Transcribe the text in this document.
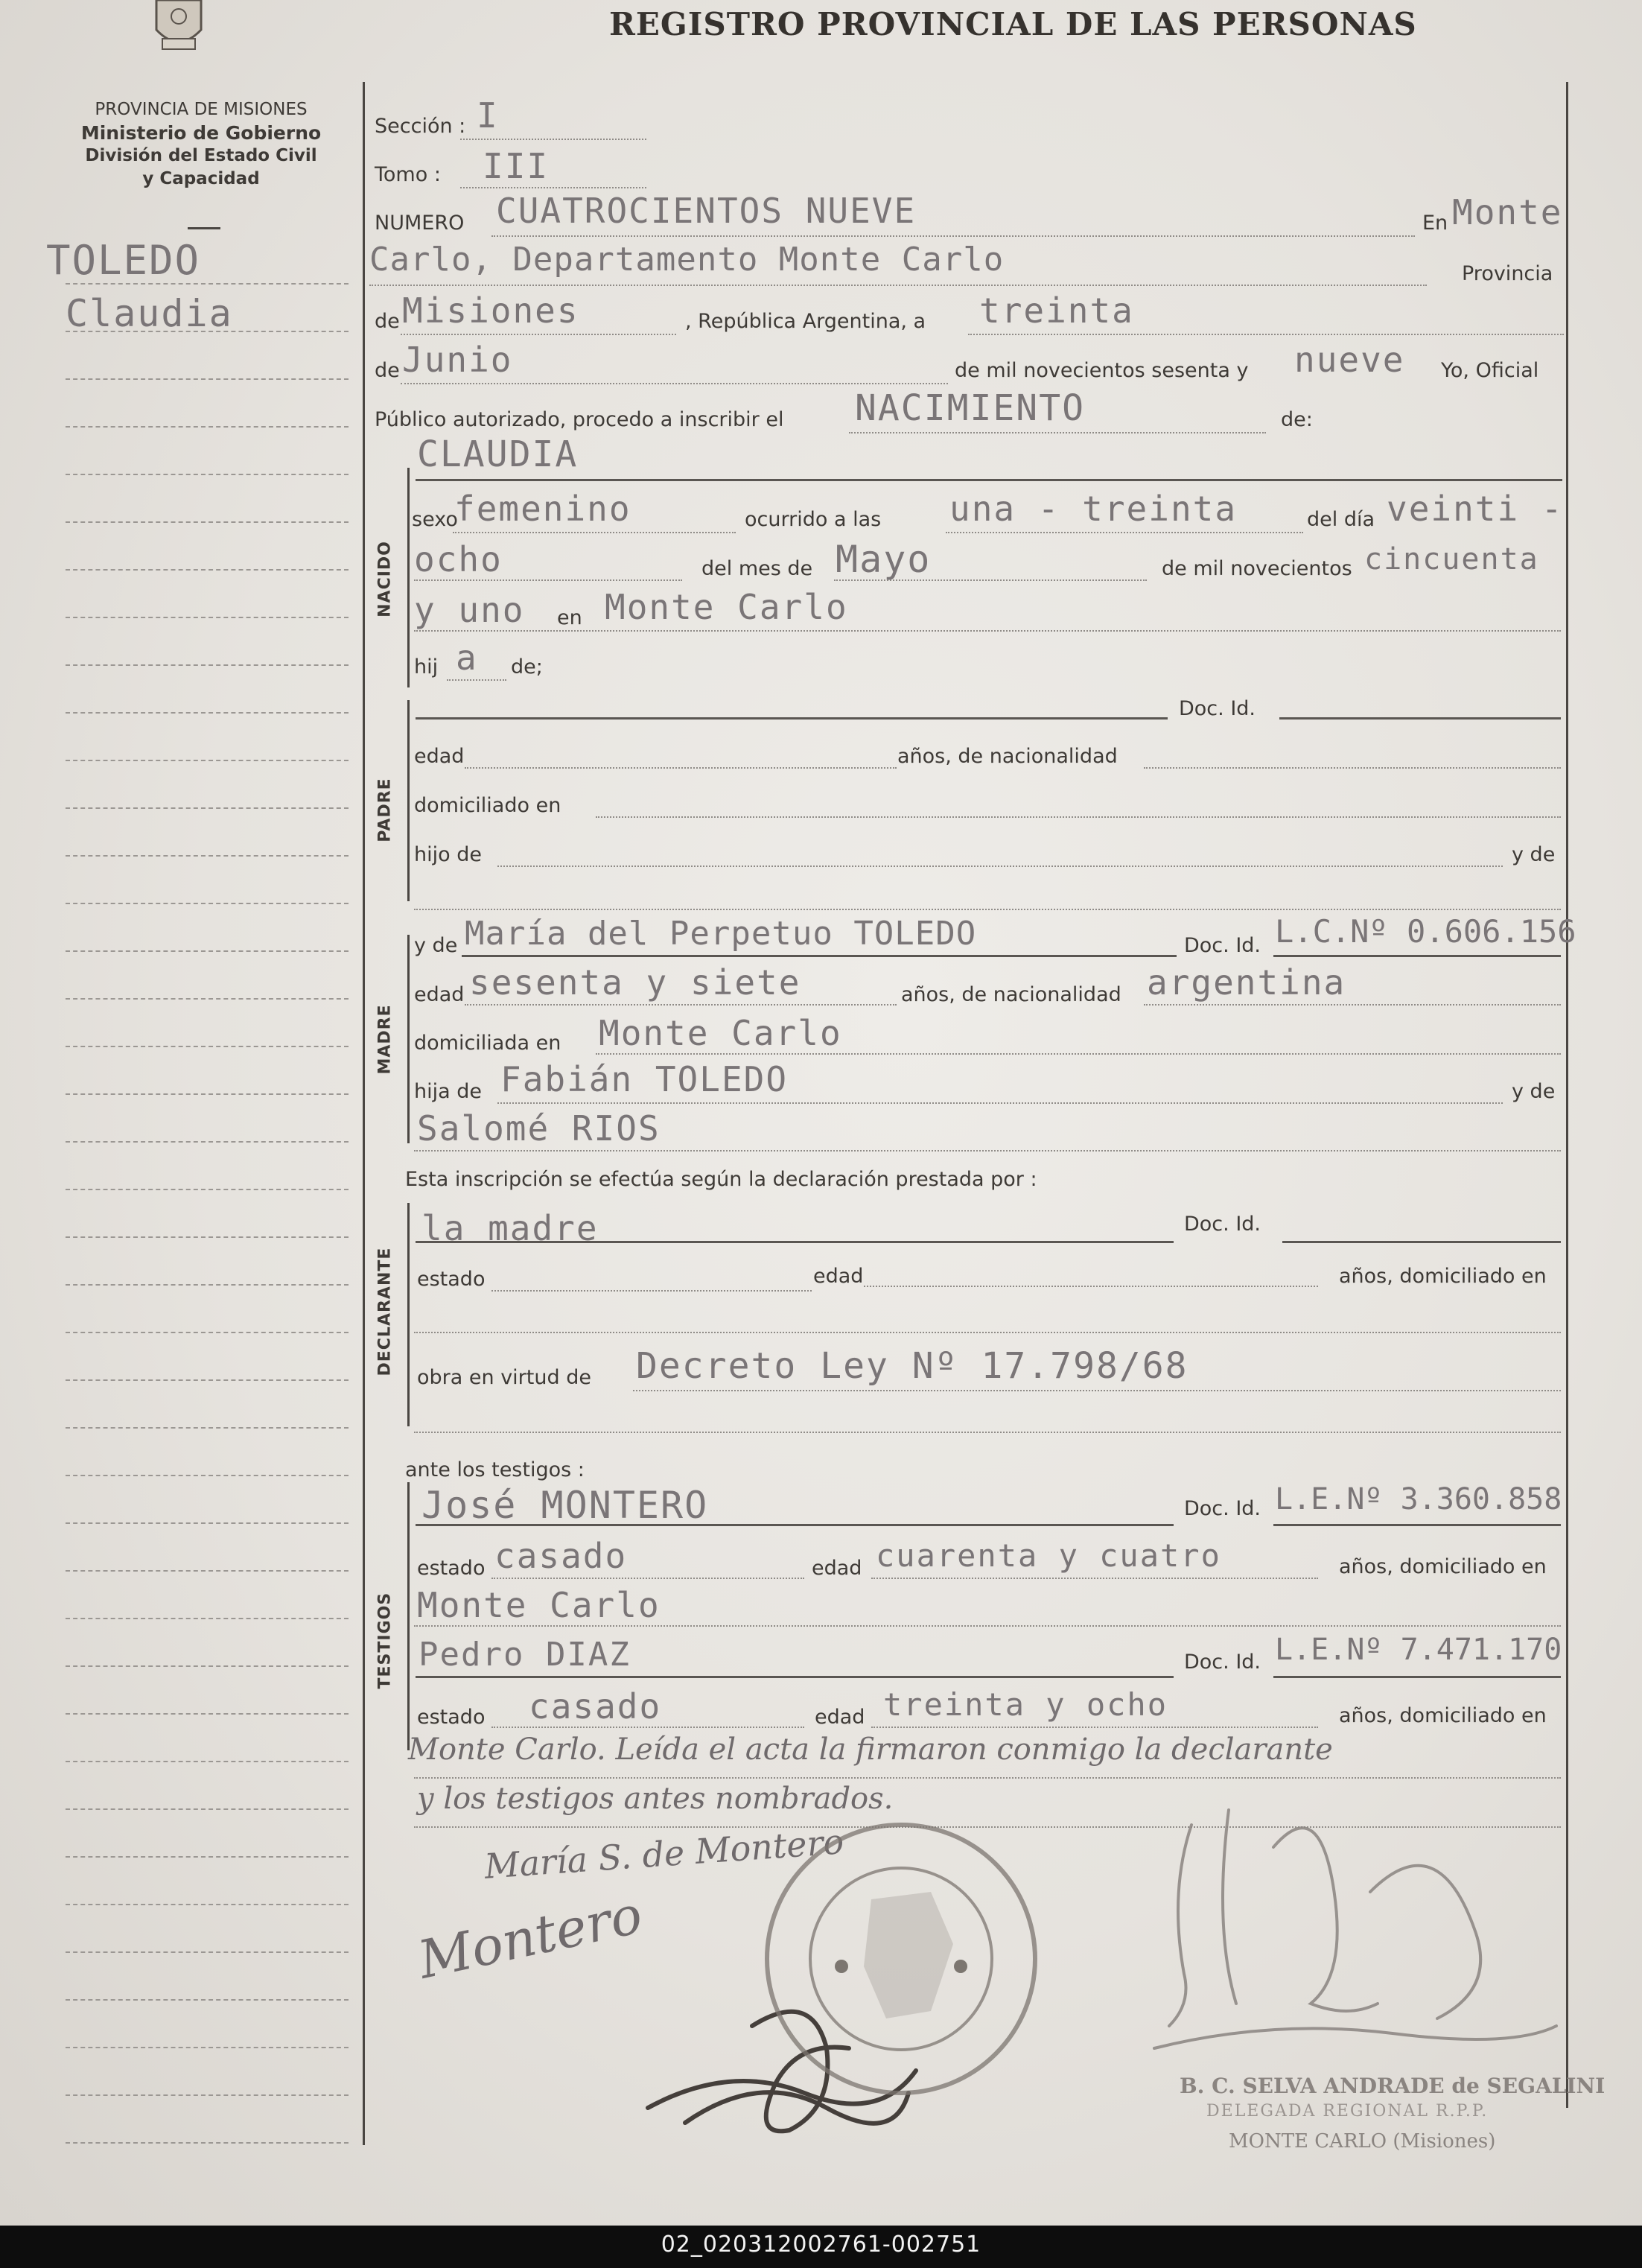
REGISTRO PROVINCIAL DE LAS PERSONAS
PROVINCIA DE MISIONES
Ministerio de Gobierno
División del Estado Civil
y Capacidad
TOLEDO
Claudia
NACIDO
PADRE
MADRE
DECLARANTE
TESTIGOS
Sección : I
Tomo : III
NUMERO CUATROCIENTOS NUEVE	En Monte
Carlo, Departamento Monte Carlo	Provincia
de Misiones	, República Argentina, a treinta
de Junio	de mil novecientos sesenta y nueve Yo, Oficial
Público autorizado, procedo a inscribir el NACIMIENTO	de:
CLAUDIA
sexo
femenino	ocurrido a las una - treinta	del día veinti -
ocho	del mes de Mayo	de mil novecientos cincuenta
y uno en Monte Carlo
hij a de;
Doc. Id.
edad	años, de nacionalidad
domiciliado en
hijo de	y de
y de María del Perpetuo TOLEDO	Doc. Id. L.C.Nº 0.606.156
edad sesenta y siete	años, de nacionalidad argentina
domiciliada en Monte Carlo
hija de Fabián TOLEDO	y de
Salomé RIOS
Esta inscripción se efectúa según la declaración prestada por :
la madre	Doc. Id.
estado	edad	años, domiciliado en
obra en virtud de Decreto Ley Nº 17.798/68
ante los testigos :
José MONTERO	Doc. Id. L.E.Nº 3.360.858
estado casado	edad cuarenta y cuatro	años, domiciliado en
Monte Carlo
Pedro DIAZ	Doc. Id. L.E.Nº 7.471.170
estado casado	edad treinta y ocho	años, domiciliado en
Monte Carlo. Leída el acta la firmaron conmigo la declarante
y los testigos antes nombrados.
María S. de Montero
Montero
B. C. SELVA ANDRADE de SEGALINI
DELEGADA REGIONAL R.P.P.
MONTE CARLO (Misiones)
02_020312002761-002751
